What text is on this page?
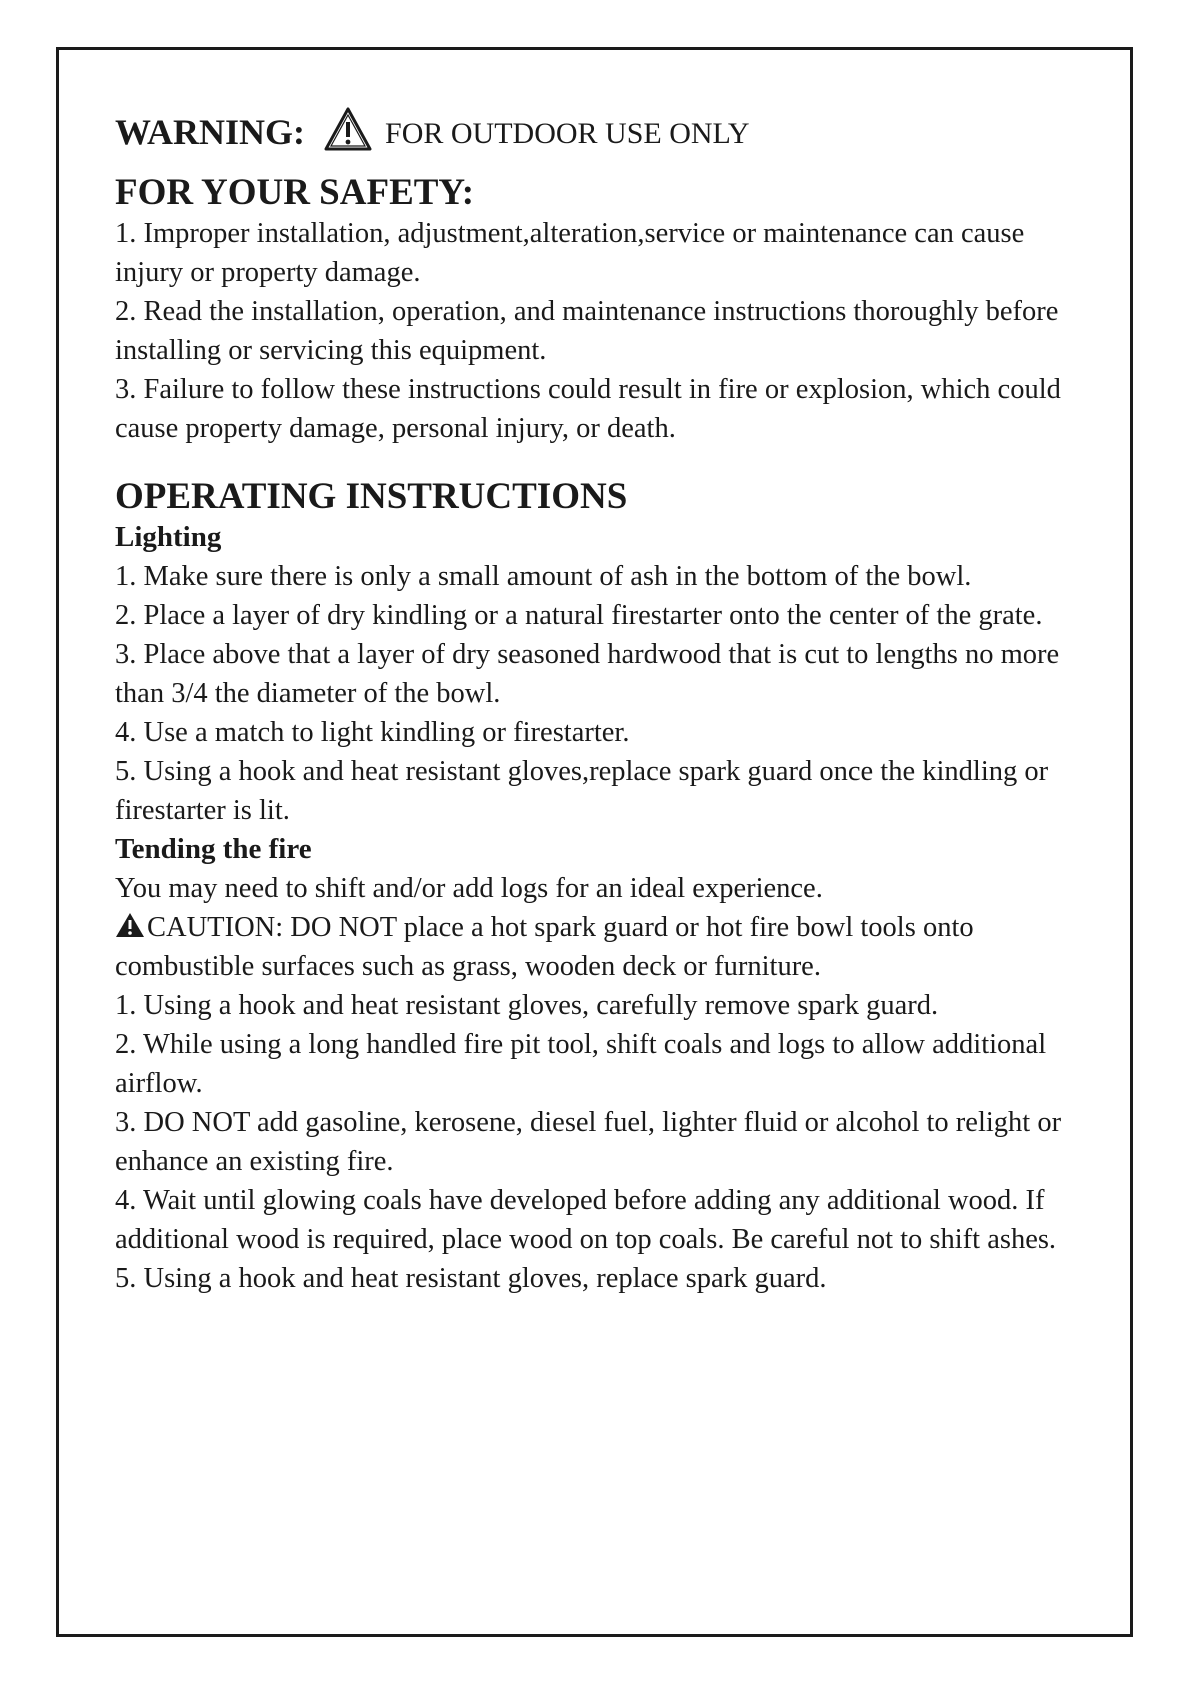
WARNING:	FOR OUTDOOR USE ONLY
FOR YOUR SAFETY:

1. Improper installation, adjustment,alteration,service or maintenance can cause injury or property damage.

2. Read the installation, operation, and maintenance instructions thoroughly before installing or servicing this equipment.

3. Failure to follow these instructions could result in fire or explosion, which could cause property damage, personal injury, or death.

OPERATING INSTRUCTIONS
Lighting

1. Make sure there is only a small amount of ash in the bottom of the bowl.

2. Place a layer of dry kindling or a natural firestarter onto the center of the grate.

3. Place above that a layer of dry seasoned hardwood that is cut to lengths no more than 3/4 the diameter of the bowl.

4. Use a match to light kindling or firestarter.

5. Using a hook and heat resistant gloves,replace spark guard once the kindling or firestarter is lit.

Tending the fire

You may need to shift and/or add logs for an ideal experience.

CAUTION: DO NOT place a hot spark guard or hot fire bowl tools onto combustible surfaces such as grass, wooden deck or furniture.

1. Using a hook and heat resistant gloves, carefully remove spark guard.

2. While using a long handled fire pit tool, shift coals and logs to allow additional airflow.

3. DO NOT add gasoline, kerosene, diesel fuel, lighter fluid or alcohol to relight or enhance an existing fire.

4. Wait until glowing coals have developed before adding any additional wood. If additional wood is required, place wood on top coals. Be careful not to shift ashes.

5. Using a hook and heat resistant gloves, replace spark guard.
